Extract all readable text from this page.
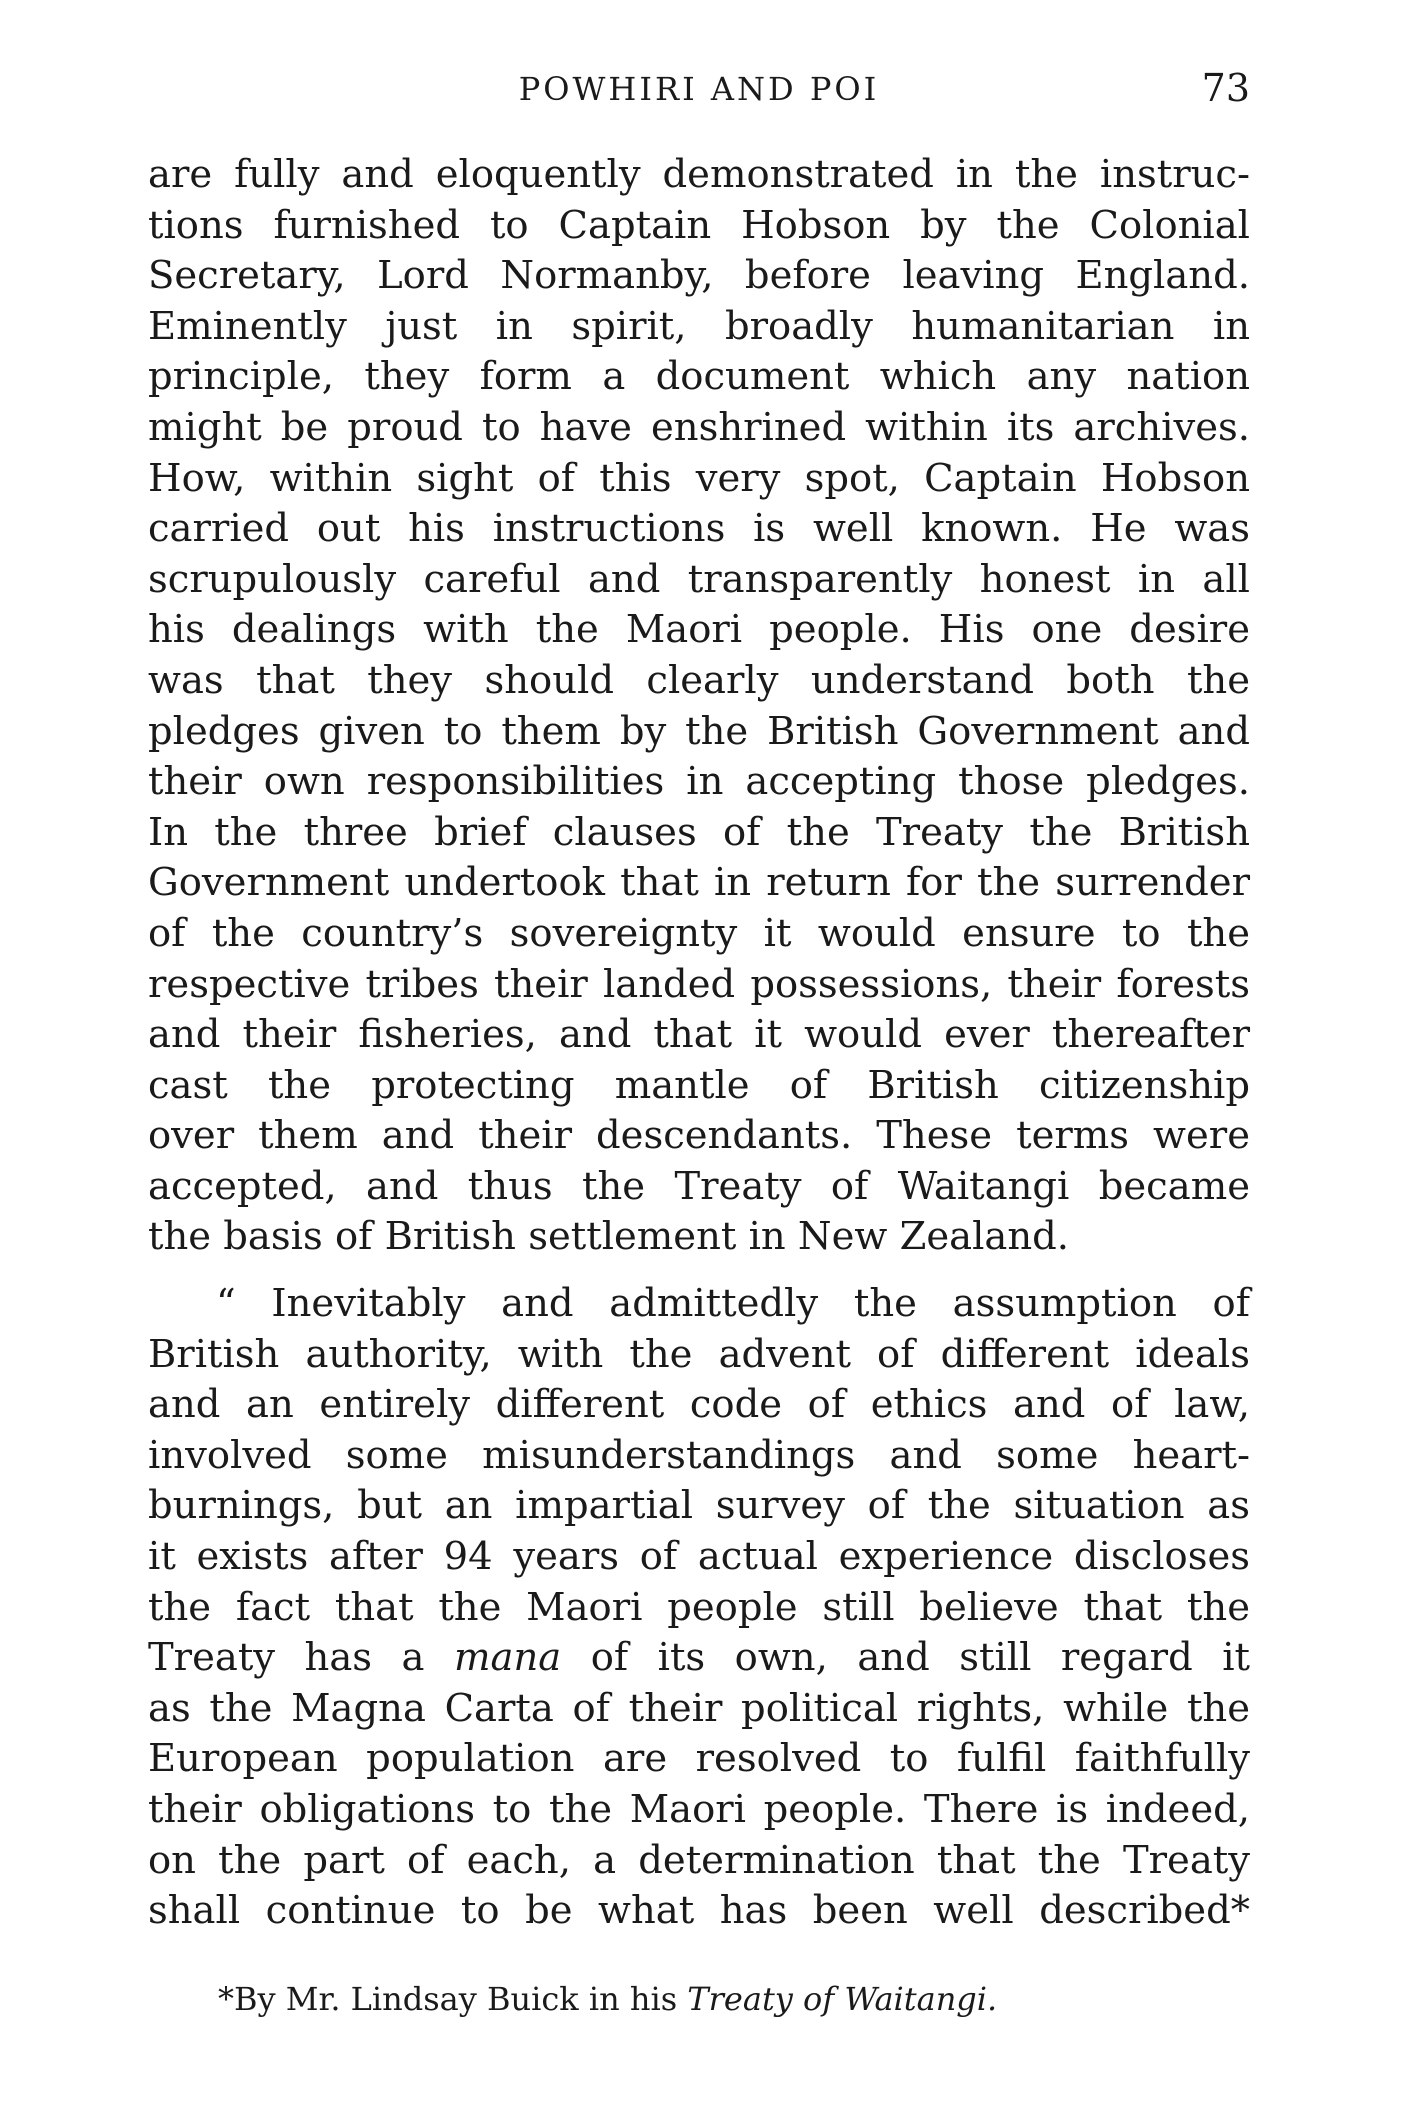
POWHIRI AND POI	73
are fully and eloquently demonstrated in the instruc-
tions furnished to Captain Hobson by the Colonial
Secretary, Lord Normanby, before leaving England.
Eminently just in spirit, broadly humanitarian in
principle, they form a document which any nation
might be proud to have enshrined within its archives.
How, within sight of this very spot, Captain Hobson
carried out his instructions is well known. He was
scrupulously careful and transparently honest in all
his dealings with the Maori people. His one desire
was that they should clearly understand both the
pledges given to them by the British Government and
their own responsibilities in accepting those pledges.
In the three brief clauses of the Treaty the British
Government undertook that in return for the surrender
of the country’s sovereignty it would ensure to the
respective tribes their landed possessions, their forests
and their fisheries, and that it would ever thereafter
cast the protecting mantle of British citizenship
over them and their descendants. These terms were
accepted, and thus the Treaty of Waitangi became
the basis of British settlement in New Zealand.
“ Inevitably and admittedly the assumption of
British authority, with the advent of different ideals
and an entirely different code of ethics and of law,
involved some misunderstandings and some heart-
burnings, but an impartial survey of the situation as
it exists after 94 years of actual experience discloses
the fact that the Maori people still believe that the
Treaty has a mana of its own, and still regard it
as the Magna Carta of their political rights, while the
European population are resolved to fulfil faithfully
their obligations to the Maori people. There is indeed,
on the part of each, a determination that the Treaty
shall continue to be what has been well described*
*By Mr. Lindsay Buick in his Treaty of Waitangi.
